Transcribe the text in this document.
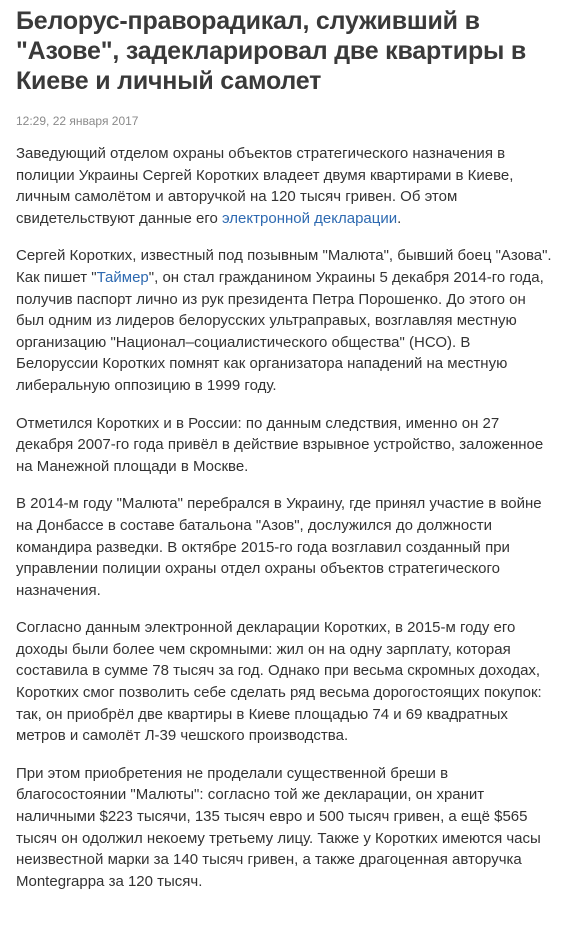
Белорус-праворадикал, служивший в "Азове", задекларировал две квартиры в Киеве и личный самолет
12:29, 22 января 2017

Заведующий отделом охраны объектов стратегического назначения в полиции Украины Сергей Коротких владеет двумя квартирами в Киеве, личным самолётом и авторучкой на 120 тысяч гривен. Об этом свидетельствуют данные его электронной декларации.

Сергей Коротких, известный под позывным "Малюта", бывший боец "Азова". Как пишет "Таймер", он стал гражданином Украины 5 декабря 2014-го года, получив паспорт лично из рук президента Петра Порошенко. До этого он был одним из лидеров белорусских ультраправых, возглавляя местную организацию "Национал–социалистического общества" (НСО). В Белоруссии Коротких помнят как организатора нападений на местную либеральную оппозицию в 1999 году.

Отметился Коротких и в России: по данным следствия, именно он 27 декабря 2007-го года привёл в действие взрывное устройство, заложенное на Манежной площади в Москве.

В 2014-м году "Малюта" перебрался в Украину, где принял участие в войне на Донбассе в составе батальона "Азов", дослужился до должности командира разведки. В октябре 2015-го года возглавил созданный при управлении полиции охраны отдел охраны объектов стратегического назначения.

Согласно данным электронной декларации Коротких, в 2015-м году его доходы были более чем скромными: жил он на одну зарплату, которая составила в сумме 78 тысяч за год. Однако при весьма скромных доходах, Коротких смог позволить себе сделать ряд весьма дорогостоящих покупок: так, он приобрёл две квартиры в Киеве площадью 74 и 69 квадратных метров и самолёт Л-39 чешского производства.

При этом приобретения не проделали существенной бреши в благосостоянии "Малюты": согласно той же декларации, он хранит наличными $223 тысячи, 135 тысяч евро и 500 тысяч гривен, а ещё $565 тысяч он одолжил некоему третьему лицу. Также у Коротких имеются часы неизвестной марки за 140 тысяч гривен, а также драгоценная авторучка Montegrappa за 120 тысяч.
